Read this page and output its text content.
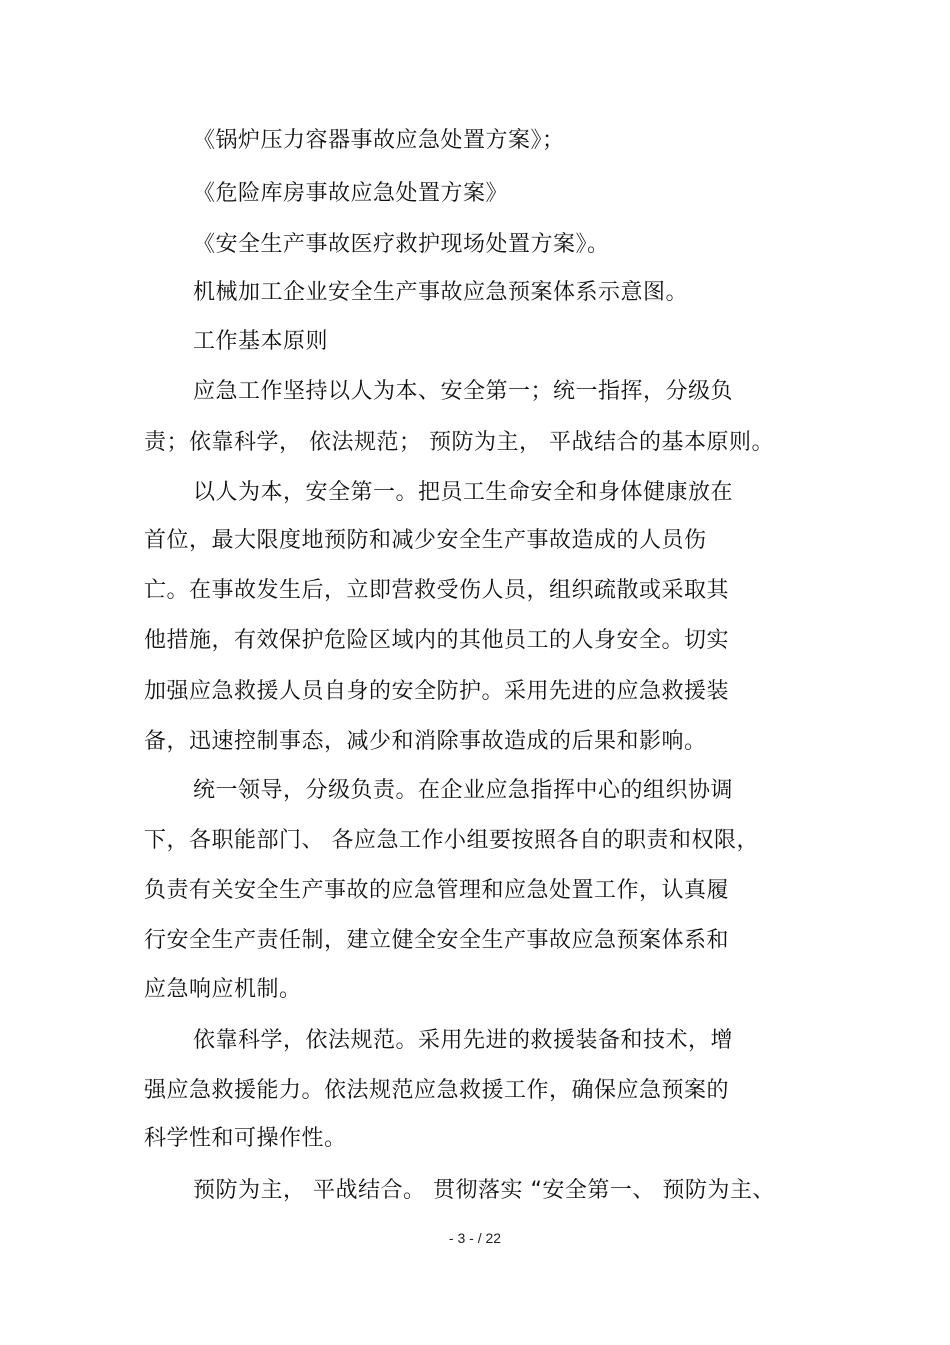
《锅炉压力容器事故应急处置方案》；
《危险库房事故应急处置方案》
《安全生产事故医疗救护现场处置方案》。
机械加工企业安全生产事故应急预案体系示意图。
工作基本原则
应急工作坚持以人为本、安全第一；统一指挥，分级负
责；依靠科学， 依法规范； 预防为主， 平战结合的基本原则。
以人为本，安全第一。把员工生命安全和身体健康放在
首位，最大限度地预防和减少安全生产事故造成的人员伤
亡。在事故发生后，立即营救受伤人员，组织疏散或采取其
他措施，有效保护危险区域内的其他员工的人身安全。切实
加强应急救援人员自身的安全防护。采用先进的应急救援装
备，迅速控制事态，减少和消除事故造成的后果和影响。
统一领导，分级负责。在企业应急指挥中心的组织协调
下，各职能部门、 各应急工作小组要按照各自的职责和权限，
负责有关安全生产事故的应急管理和应急处置工作，认真履
行安全生产责任制，建立健全安全生产事故应急预案体系和
应急响应机制。
依靠科学，依法规范。采用先进的救援装备和技术，增
强应急救援能力。依法规范应急救援工作，确保应急预案的
科学性和可操作性。
预防为主， 平战结合。 贯彻落实 “安全第一、 预防为主、
- 3 - / 22
